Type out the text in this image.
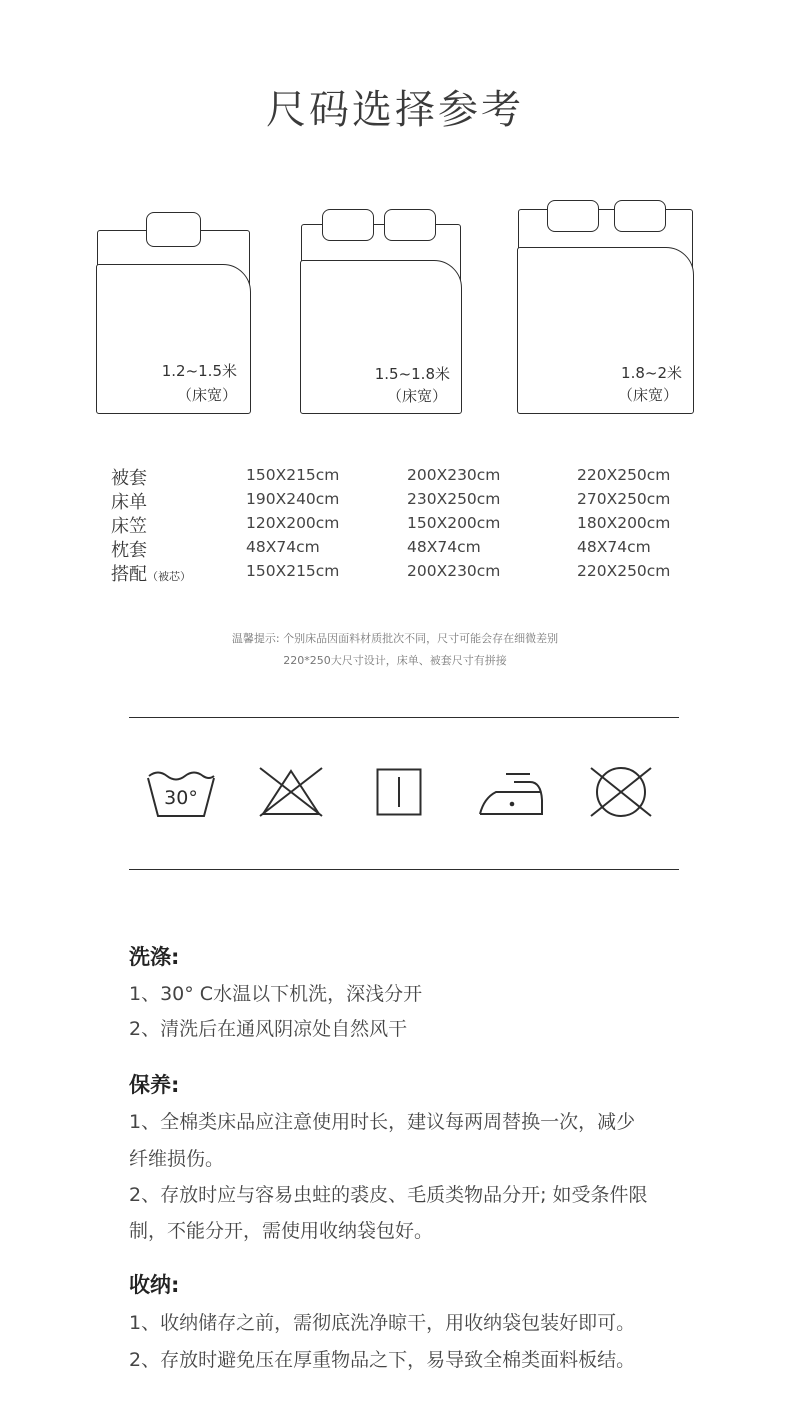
尺码选择参考
1.2~1.5米
（床宽）
1.5~1.8米
（床宽）
1.8~2米
（床宽）
被套	150X215cm	200X230cm	220X250cm
床单	190X240cm	230X250cm	270X250cm
床笠	120X200cm	150X200cm	180X200cm
枕套	48X74cm	48X74cm	48X74cm
搭配（被芯）	150X215cm	200X230cm	220X250cm
温馨提示: 个别床品因面料材质批次不同，尺寸可能会存在细微差别
220*250大尺寸设计，床单、被套尺寸有拼接
30°
洗涤:
1、30° C水温以下机洗，深浅分开
2、清洗后在通风阴凉处自然风干
保养:
1、全棉类床品应注意使用时长，建议每两周替换一次，减少
纤维损伤。
2、存放时应与容易虫蛀的裘皮、毛质类物品分开; 如受条件限
制，不能分开，需使用收纳袋包好。
收纳:
1、收纳储存之前，需彻底洗净晾干，用收纳袋包装好即可。
2、存放时避免压在厚重物品之下，易导致全棉类面料板结。
